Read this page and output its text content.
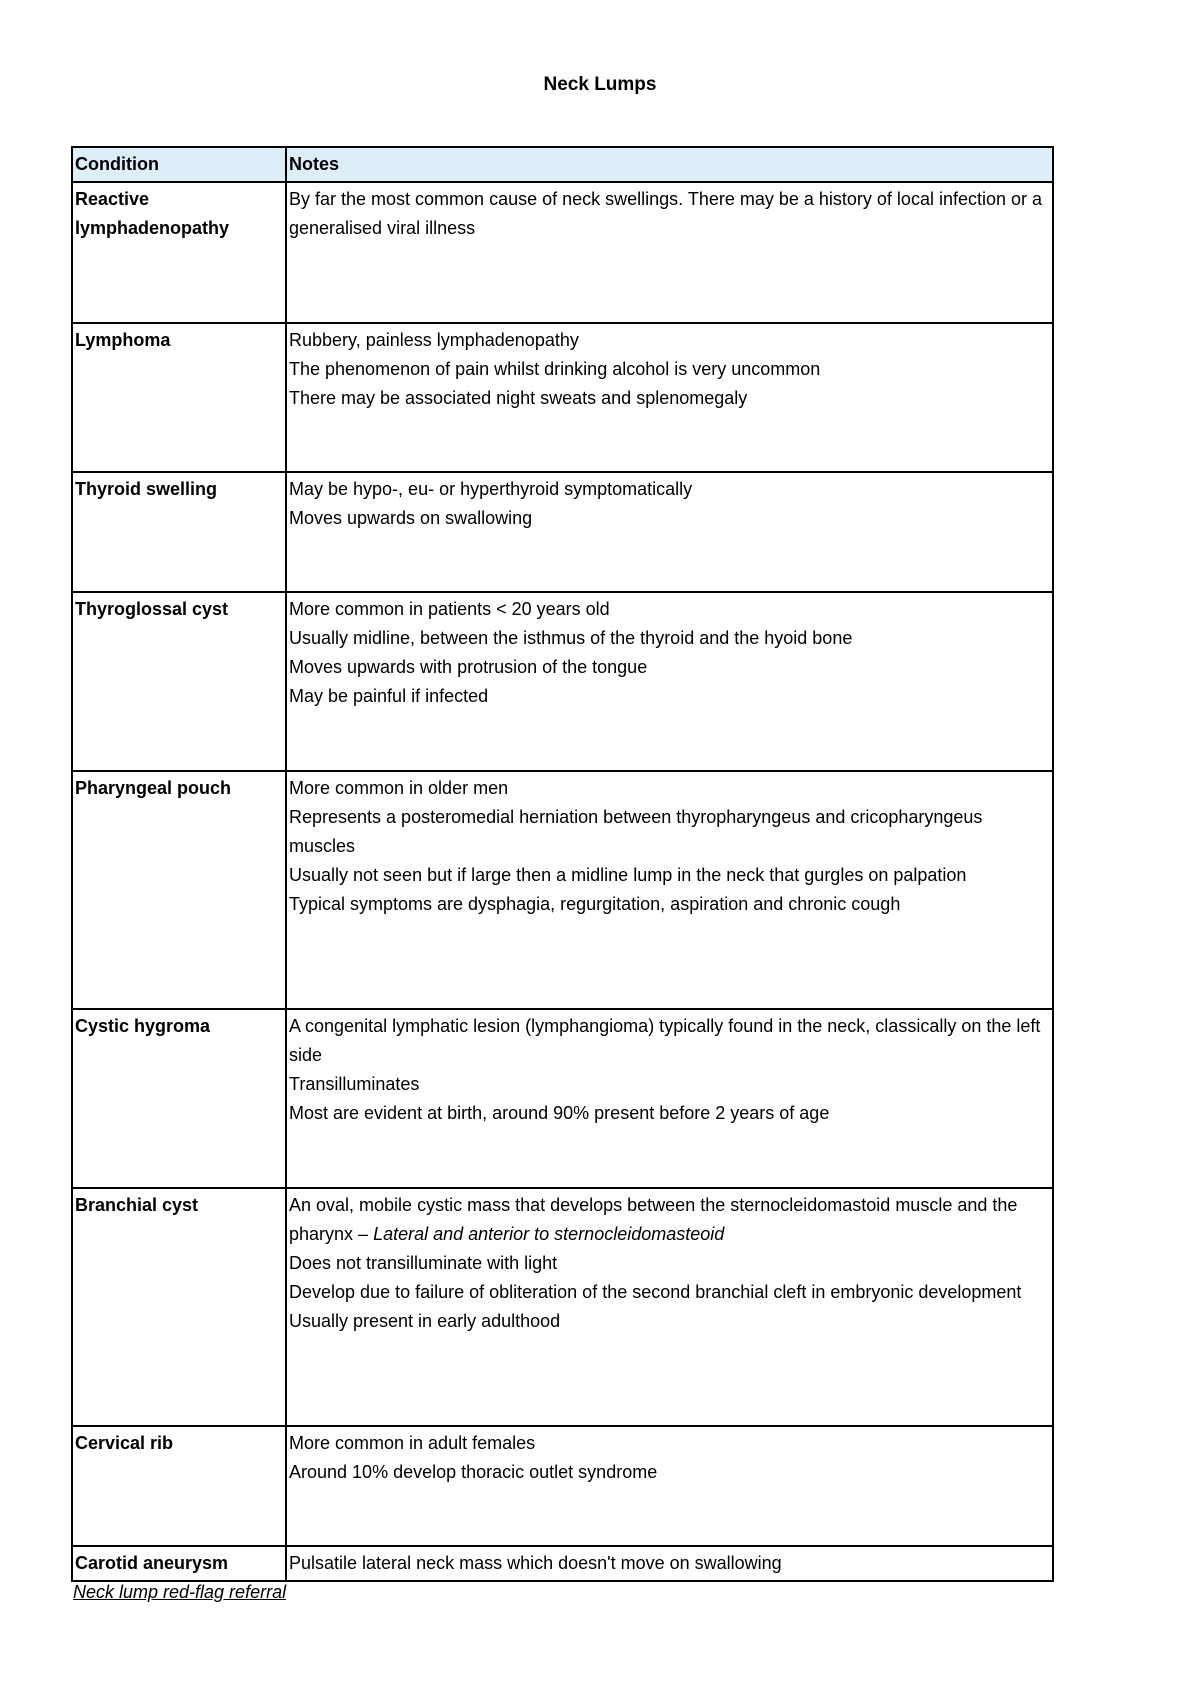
Neck Lumps
Condition	Notes
Reactive lymphadenopathy	By far the most common cause of neck swellings. There may be a history of local infection or a generalised viral illness

Lymphoma	Rubbery, painless lymphadenopathy
The phenomenon of pain whilst drinking alcohol is very uncommon
There may be associated night sweats and splenomegaly

Thyroid swelling	May be hypo-, eu- or hyperthyroid symptomatically
Moves upwards on swallowing

Thyroglossal cyst	More common in patients < 20 years old
Usually midline, between the isthmus of the thyroid and the hyoid bone
Moves upwards with protrusion of the tongue
May be painful if infected

Pharyngeal pouch	More common in older men
Represents a posteromedial herniation between thyropharyngeus and cricopharyngeus muscles
Usually not seen but if large then a midline lump in the neck that gurgles on palpation
Typical symptoms are dysphagia, regurgitation, aspiration and chronic cough

Cystic hygroma	A congenital lymphatic lesion (lymphangioma) typically found in the neck, classically on the left side
Transilluminates
Most are evident at birth, around 90% present before 2 years of age

Branchial cyst	An oval, mobile cystic mass that develops between the sternocleidomastoid muscle and the pharynx – Lateral and anterior to sternocleidomasteoid
Does not transilluminate with light
Develop due to failure of obliteration of the second branchial cleft in embryonic development
Usually present in early adulthood

Cervical rib	More common in adult females
Around 10% develop thoracic outlet syndrome

Carotid aneurysm	Pulsatile lateral neck mass which doesn't move on swallowing
Neck lump red-flag referral
